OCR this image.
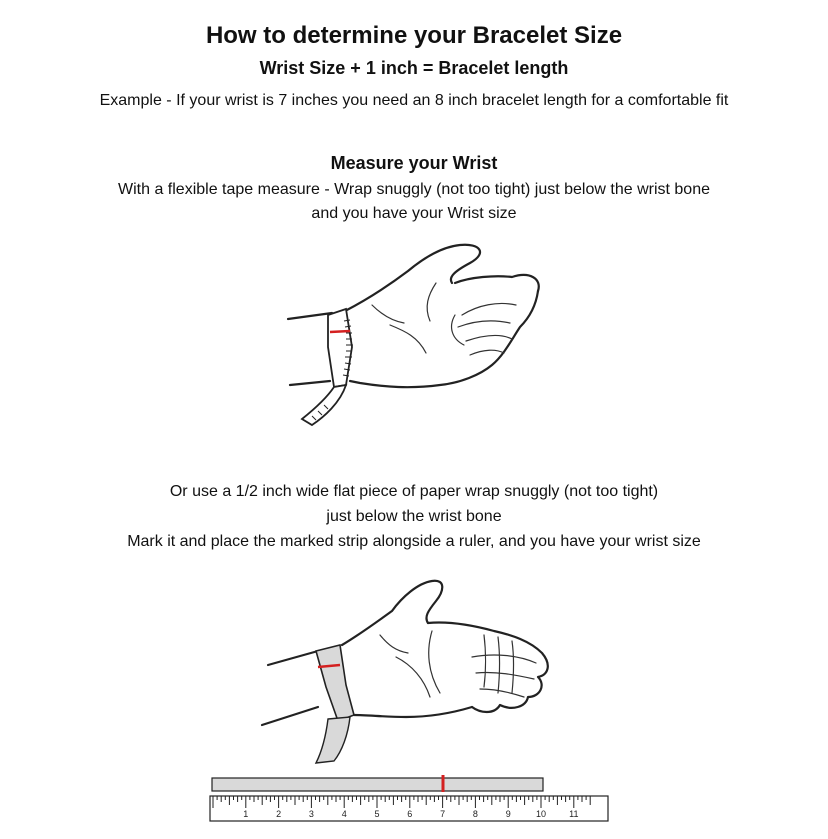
How to determine your Bracelet Size
Wrist Size + 1 inch = Bracelet length
Example - If your wrist is 7 inches you need an 8 inch bracelet length for a comfortable fit
Measure your Wrist
With a flexible tape measure - Wrap snuggly (not too tight) just below the wrist bone
and you have your Wrist size
Or use a 1/2 inch wide flat piece of paper wrap snuggly (not too tight)
just below the wrist bone
Mark it and place the marked strip alongside a ruler, and you have your wrist size
1	2	3	4	5	6	7	8	9	10	11
